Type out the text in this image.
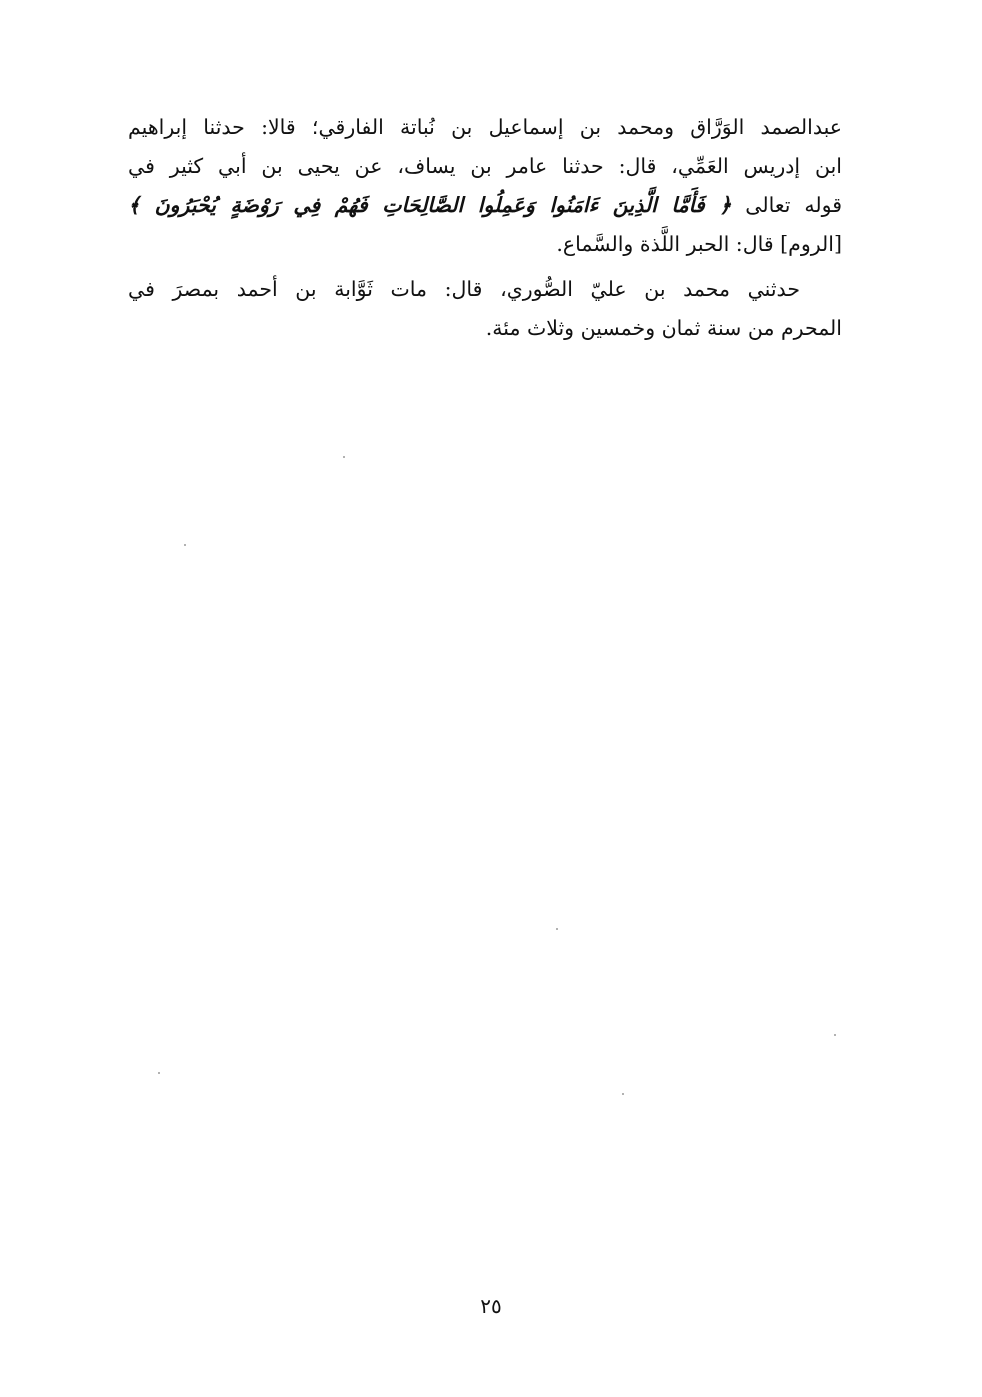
عبدالصمد الوَرَّاق ومحمد بن إسماعيل بن نُباتة الفارقي؛ قالا: حدثنا إبراهيم
ابن إدريس العَمِّي، قال: حدثنا عامر بن يساف، عن يحيى بن أبي كثير في
قوله تعالى ﴿ فَأَمَّا الَّذِينَ ءَامَنُوا وَعَمِلُوا الصَّالِحَاتِ فَهُمْ فِي رَوْضَةٍ يُحْبَرُونَ ﴾
[الروم] قال: الحبر اللَّذة والسَّماع.
حدثني محمد بن عليّ الصُّوري، قال: مات ثَوَّابة بن أحمد بمصرَ في
المحرم من سنة ثمان وخمسين وثلاث مئة.
٢٥
